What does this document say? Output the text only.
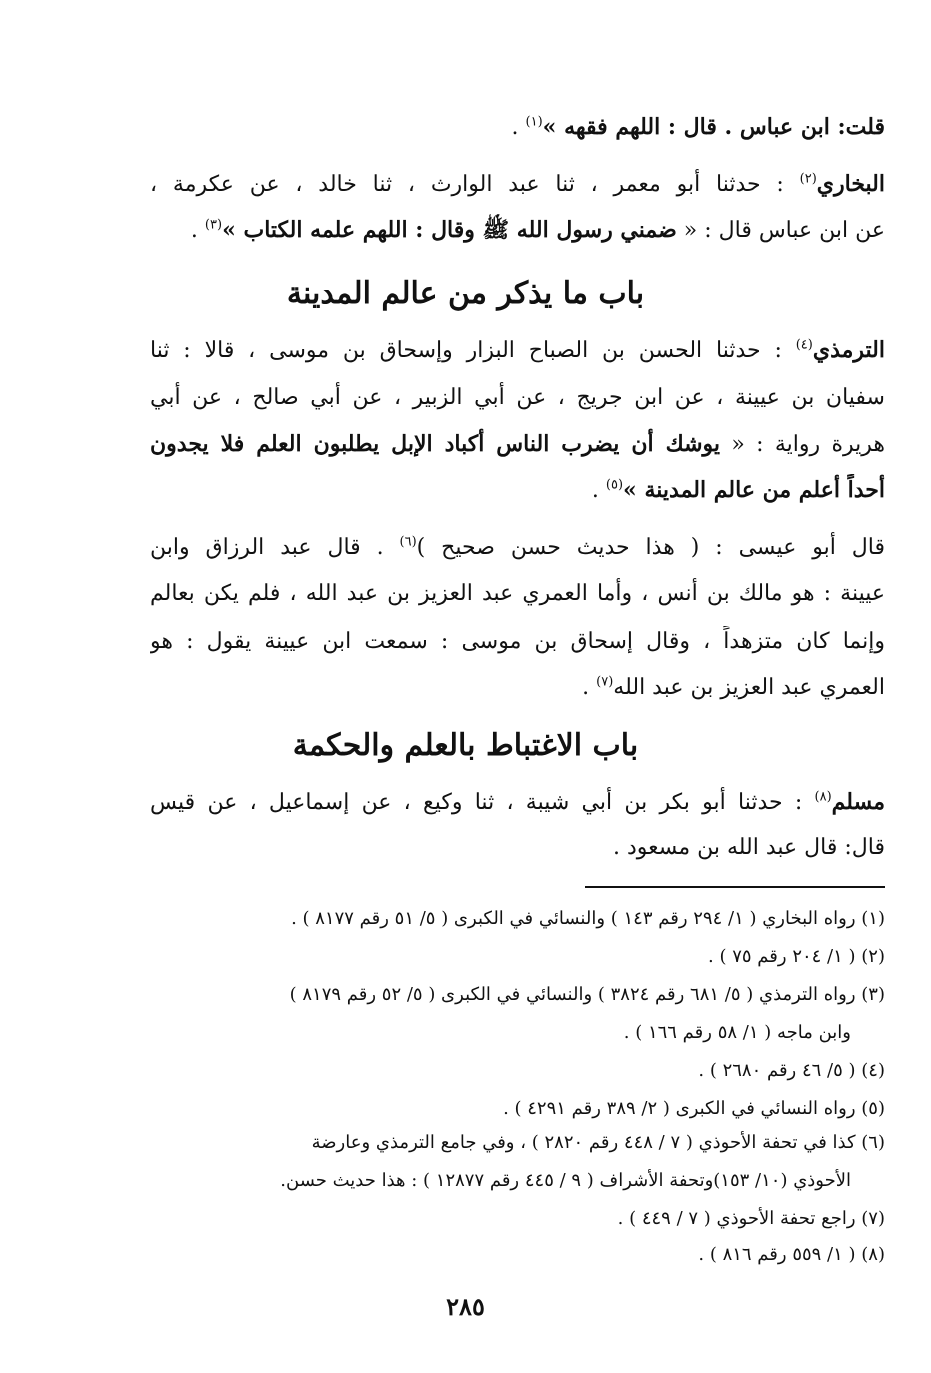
قلت: ابن عباس . قال : اللهم فقهه »$^{(١)}$ .
البخاري$^{(٢)}$ : حدثنا أبو معمر ، ثنا عبد الوارث ، ثنا خالد ، عن عكرمة ،
عن ابن عباس قال : « ضمني رسول الله ﷺ وقال : اللهم علمه الكتاب »$^{(٣)}$ .
باب ما يذكر من عالم المدينة
الترمذي$^{(٤)}$ : حدثنا الحسن بن الصباح البزار وإسحاق بن موسى ، قالا : ثنا
سفيان بن عيينة ، عن ابن جريج ، عن أبي الزبير ، عن أبي صالح ، عن أبي
هريرة رواية : « يوشك أن يضرب الناس أكباد الإبل يطلبون العلم فلا يجدون
أحداً أعلم من عالم المدينة »$^{(٥)}$ .
قال أبو عيسى : ( هذا حديث حسن صحيح )$^{(٦)}$ . قال عبد الرزاق وابن
عيينة : هو مالك بن أنس ، وأما العمري عبد العزيز بن عبد الله ، فلم يكن بعالم
وإنما كان متزهداً ، وقال إسحاق بن موسى : سمعت ابن عيينة يقول : هو
العمري عبد العزيز بن عبد الله$^{(٧)}$ .
باب الاغتباط بالعلم والحكمة
مسلم$^{(٨)}$ : حدثنا أبو بكر بن أبي شيبة ، ثنا وكيع ، عن إسماعيل ، عن قيس
قال: قال عبد الله بن مسعود .
(١) رواه البخاري ( ١/ ٢٩٤ رقم ١٤٣ ) والنسائي في الكبرى ( ٥/ ٥١ رقم ٨١٧٧ ) .
(٢) ( ١/ ٢٠٤ رقم ٧٥ ) .
(٣) رواه الترمذي ( ٥/ ٦٨١ رقم ٣٨٢٤ ) والنسائي في الكبرى ( ٥/ ٥٢ رقم ٨١٧٩ )
وابن ماجه ( ١/ ٥٨ رقم ١٦٦ ) .
(٤) ( ٥/ ٤٦ رقم ٢٦٨٠ ) .
(٥) رواه النسائي في الكبرى ( ٢/ ٣٨٩ رقم ٤٢٩١ ) .
(٦) كذا في تحفة الأحوذي ( ٧ / ٤٤٨ رقم ٢٨٢٠ ) ، وفي جامع الترمذي وعارضة
الأحوذي (١٠/ ١٥٣)وتحفة الأشراف ( ٩ / ٤٤٥ رقم ١٢٨٧٧ ) : هذا حديث حسن.
(٧) راجع تحفة الأحوذي ( ٧ / ٤٤٩ ) .
(٨) ( ١/ ٥٥٩ رقم ٨١٦ ) .
٢٨٥
